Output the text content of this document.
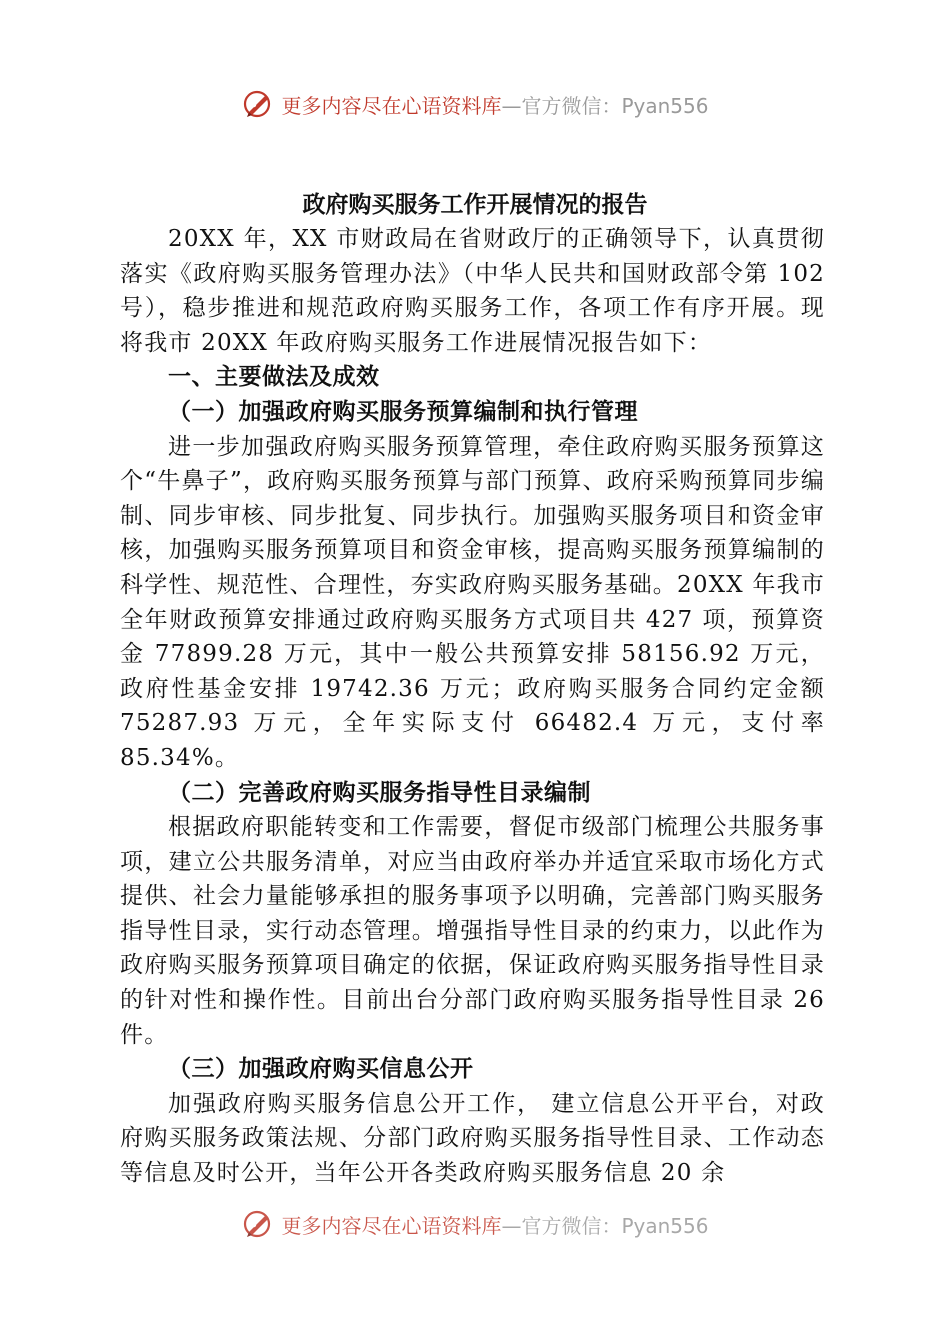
更多内容尽在心语资料库—官方微信：Pyan556
政府购买服务工作开展情况的报告

20XX 年，XX 市财政局在省财政厅的正确领导下，认真贯彻落实《政府购买服务管理办法》（中华人民共和国财政部令第 102 号），稳步推进和规范政府购买服务工作，各项工作有序开展。现将我市 20XX 年政府购买服务工作进展情况报告如下：

一、主要做法及成效

（一）加强政府购买服务预算编制和执行管理

进一步加强政府购买服务预算管理，牵住政府购买服务预算这个“牛鼻子”，政府购买服务预算与部门预算、政府采购预算同步编制、同步审核、同步批复、同步执行。加强购买服务项目和资金审核，加强购买服务预算项目和资金审核，提高购买服务预算编制的科学性、规范性、合理性，夯实政府购买服务基础。20XX 年我市全年财政预算安排通过政府购买服务方式项目共 427 项，预算资金 77899.28 万元，其中一般公共预算安排 58156.92 万元，政府性基金安排 19742.36 万元；政府购买服务合同约定金额 75287.93 万元，全年实际支付 66482.4 万元，支付率 85.34%。

（二）完善政府购买服务指导性目录编制

根据政府职能转变和工作需要，督促市级部门梳理公共服务事项，建立公共服务清单，对应当由政府举办并适宜采取市场化方式提供、社会力量能够承担的服务事项予以明确，完善部门购买服务指导性目录，实行动态管理。增强指导性目录的约束力，以此作为政府购买服务预算项目确定的依据，保证政府购买服务指导性目录的针对性和操作性。目前出台分部门政府购买服务指导性目录 26 件。

（三）加强政府购买信息公开

加强政府购买服务信息公开工作， 建立信息公开平台，对政府购买服务政策法规、分部门政府购买服务指导性目录、工作动态等信息及时公开，当年公开各类政府购买服务信息 20 余

更多内容尽在心语资料库—官方微信：Pyan556
